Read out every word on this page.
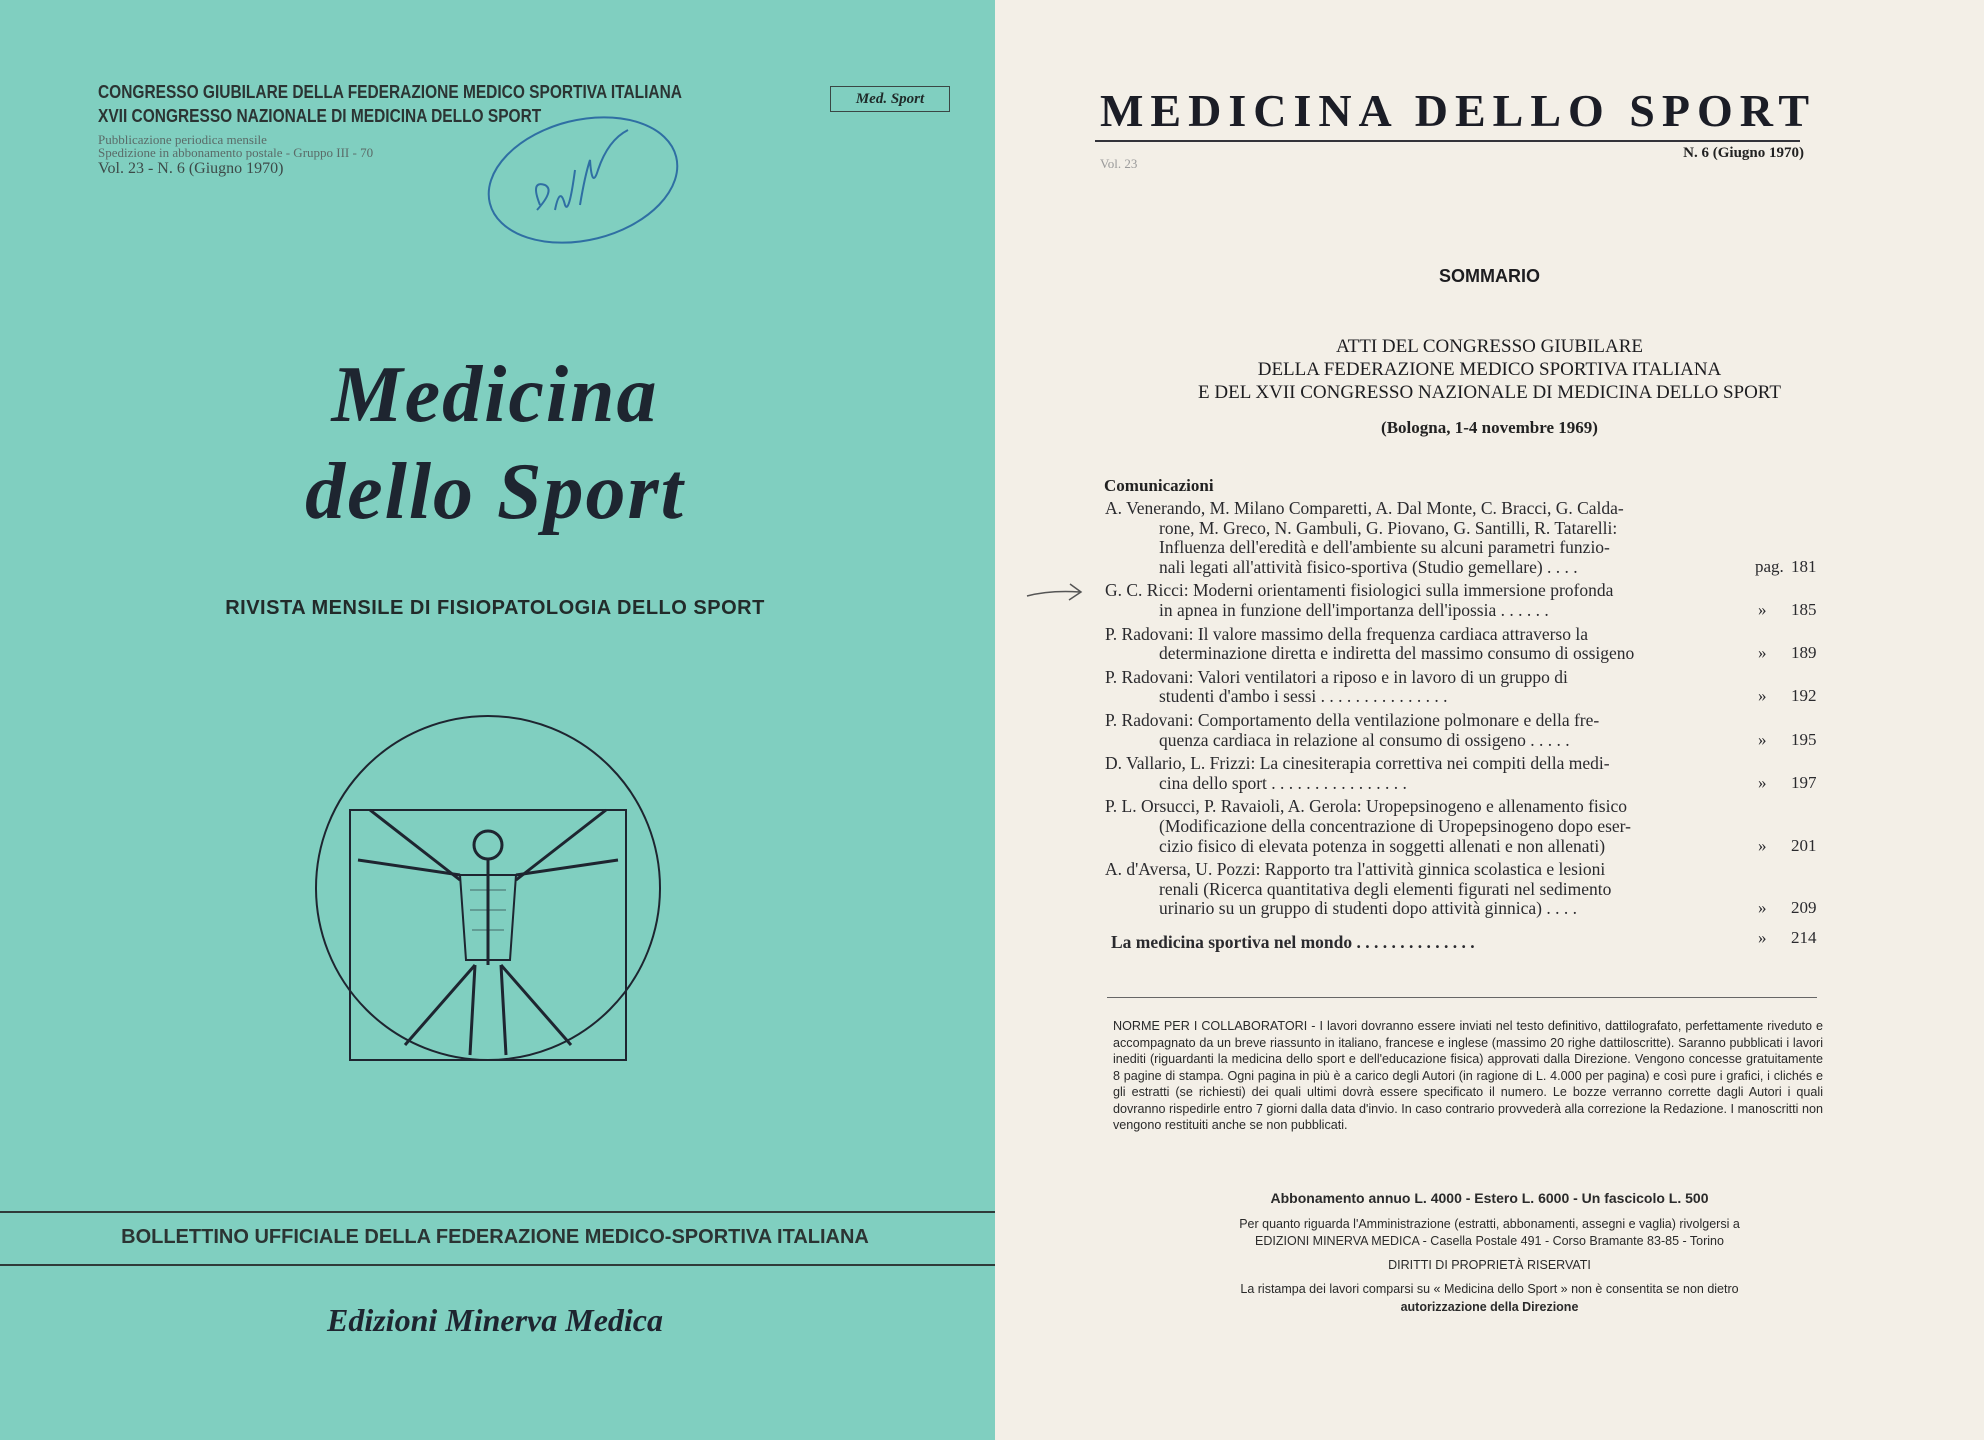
CONGRESSO GIUBILARE DELLA FEDERAZIONE MEDICO SPORTIVA ITALIANA
XVII CONGRESSO NAZIONALE DI MEDICINA DELLO SPORT
Pubblicazione periodica mensile
Spedizione in abbonamento postale - Gruppo III - 70
Vol. 23 - N. 6 (Giugno 1970)
Med. Sport
Medicina
dello Sport
RIVISTA MENSILE DI FISIOPATOLOGIA DELLO SPORT
BOLLETTINO UFFICIALE DELLA FEDERAZIONE MEDICO-SPORTIVA ITALIANA
Edizioni Minerva Medica
MEDICINA DELLO SPORT
Vol. 23
N. 6 (Giugno 1970)
SOMMARIO
ATTI DEL CONGRESSO GIUBILARE
DELLA FEDERAZIONE MEDICO SPORTIVA ITALIANA
E DEL XVII CONGRESSO NAZIONALE DI MEDICINA DELLO SPORT
(Bologna, 1-4 novembre 1969)
Comunicazioni
A. Venerando, M. Milano Comparetti, A. Dal Monte, C. Bracci, G. Calda-
rone, M. Greco, N. Gambuli, G. Piovano, G. Santilli, R. Tatarelli:
Influenza dell'eredità e dell'ambiente su alcuni parametri funzio-
nali legati all'attività fisico-sportiva (Studio gemellare) . . . .	pag. 181
G. C. Ricci: Moderni orientamenti fisiologici sulla immersione profonda
in apnea in funzione dell'importanza dell'ipossia . . . . . .	» 185
P. Radovani: Il valore massimo della frequenza cardiaca attraverso la
determinazione diretta e indiretta del massimo consumo di ossigeno	» 189
P. Radovani: Valori ventilatori a riposo e in lavoro di un gruppo di
studenti d'ambo i sessi . . . . . . . . . . . . . . .	» 192
P. Radovani: Comportamento della ventilazione polmonare e della fre-
quenza cardiaca in relazione al consumo di ossigeno . . . . .	» 195
D. Vallario, L. Frizzi: La cinesiterapia correttiva nei compiti della medi-
cina dello sport . . . . . . . . . . . . . . . .	» 197
P. L. Orsucci, P. Ravaioli, A. Gerola: Uropepsinogeno e allenamento fisico
(Modificazione della concentrazione di Uropepsinogeno dopo eser-
cizio fisico di elevata potenza in soggetti allenati e non allenati)	» 201
A. d'Aversa, U. Pozzi: Rapporto tra l'attività ginnica scolastica e lesioni
renali (Ricerca quantitativa degli elementi figurati nel sedimento
urinario su un gruppo di studenti dopo attività ginnica) . . . .	» 209
La medicina sportiva nel mondo . . . . . . . . . . . . . .	» 214
NORME PER I COLLABORATORI - I lavori dovranno essere inviati nel testo definitivo, dattilografato, perfettamente riveduto e accompagnato da un breve riassunto in italiano, francese e inglese (massimo 20 righe dattiloscritte). Saranno pubblicati i lavori inediti (riguardanti la medicina dello sport e dell'educazione fisica) approvati dalla Direzione. Vengono concesse gratuitamente 8 pagine di stampa. Ogni pagina in più è a carico degli Autori (in ragione di L. 4.000 per pagina) e così pure i grafici, i clichés e gli estratti (se richiesti) dei quali ultimi dovrà essere specificato il numero. Le bozze verranno corrette dagli Autori i quali dovranno rispedirle entro 7 giorni dalla data d'invio. In caso contrario provvederà alla correzione la Redazione. I manoscritti non vengono restituiti anche se non pubblicati.
Abbonamento annuo L. 4000 - Estero L. 6000 - Un fascicolo L. 500
Per quanto riguarda l'Amministrazione (estratti, abbonamenti, assegni e vaglia) rivolgersi a
EDIZIONI MINERVA MEDICA - Casella Postale 491 - Corso Bramante 83-85 - Torino
DIRITTI DI PROPRIETÀ RISERVATI
La ristampa dei lavori comparsi su « Medicina dello Sport » non è consentita se non dietro
autorizzazione della Direzione
